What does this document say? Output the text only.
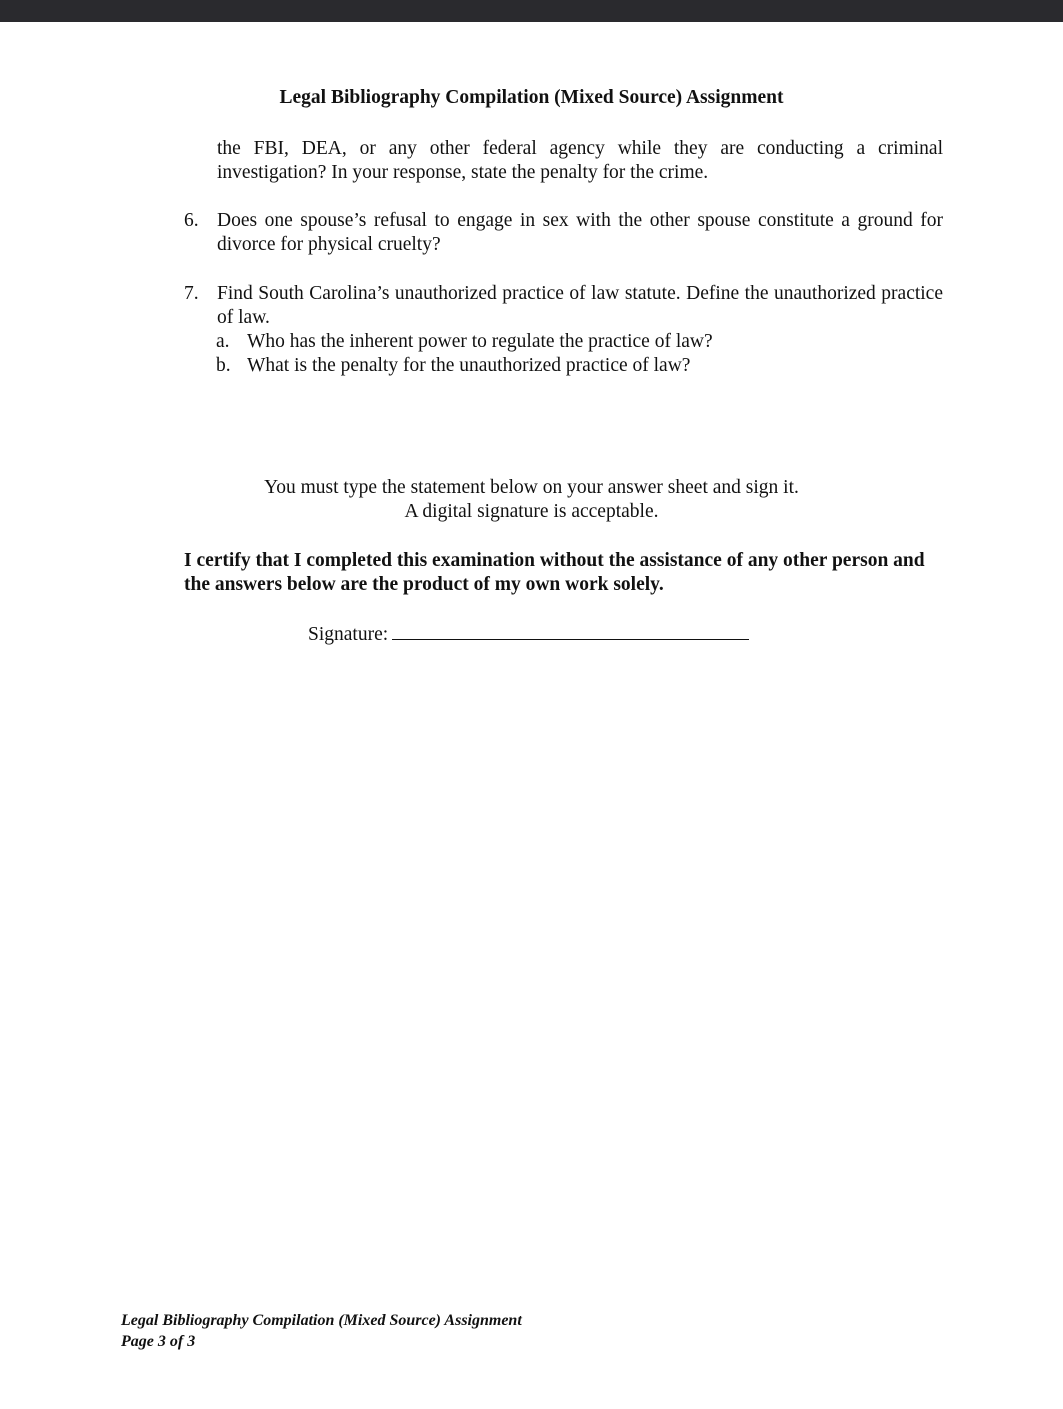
Legal Bibliography Compilation (Mixed Source) Assignment
the FBI, DEA, or any other federal agency while they are conducting a criminal investigation? In your response, state the penalty for the crime.
6. Does one spouse’s refusal to engage in sex with the other spouse constitute a ground for divorce for physical cruelty?
7. Find South Carolina’s unauthorized practice of law statute. Define the unauthorized practice of law.
a. Who has the inherent power to regulate the practice of law?
b. What is the penalty for the unauthorized practice of law?
You must type the statement below on your answer sheet and sign it.
A digital signature is acceptable.
I certify that I completed this examination without the assistance of any other person and the answers below are the product of my own work solely.
Signature:
Legal Bibliography Compilation (Mixed Source) Assignment
Page 3 of 3
